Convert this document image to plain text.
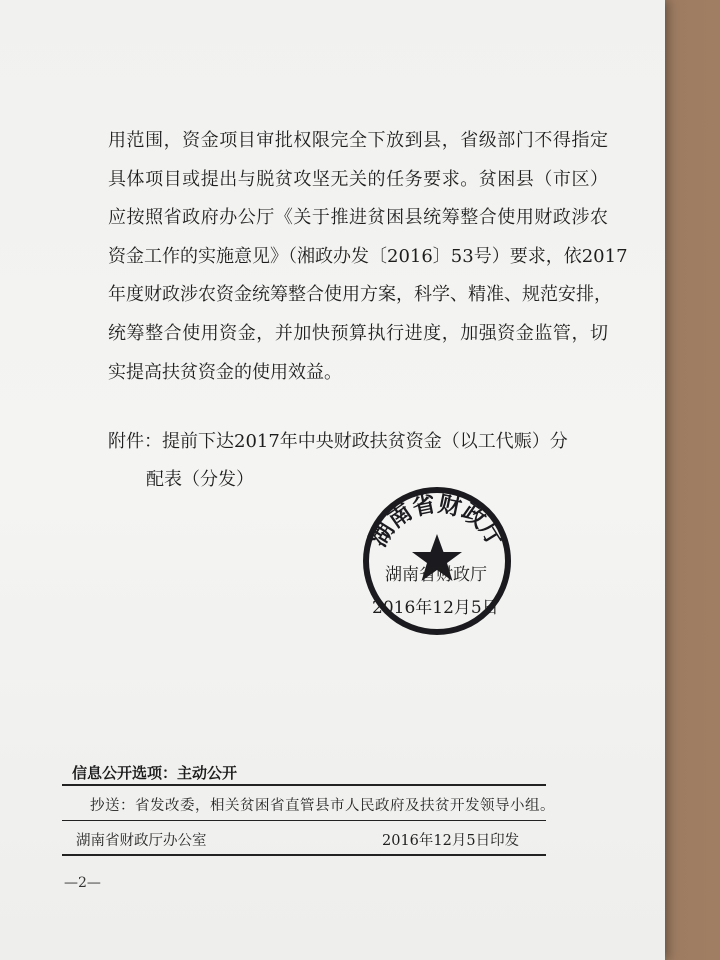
用范围，资金项目审批权限完全下放到县，省级部门不得指定
具体项目或提出与脱贫攻坚无关的任务要求。贫困县（市区）
应按照省政府办公厅《关于推进贫困县统筹整合使用财政涉农
资金工作的实施意见》（湘政办发〔2016〕53号）要求，依2017
年度财政涉农资金统筹整合使用方案，科学、精准、规范安排，
统筹整合使用资金，并加快预算执行进度，加强资金监管，切
实提高扶贫资金的使用效益。
附件：提前下达2017年中央财政扶贫资金（以工代赈）分
配表（分发）
湖南省财政厅
湖南省财政厅
2016年12月5日
信息公开选项：主动公开
抄送：省发改委，相关贫困省直管县市人民政府及扶贫开发领导小组。
湖南省财政厅办公室	2016年12月5日印发
—2—
